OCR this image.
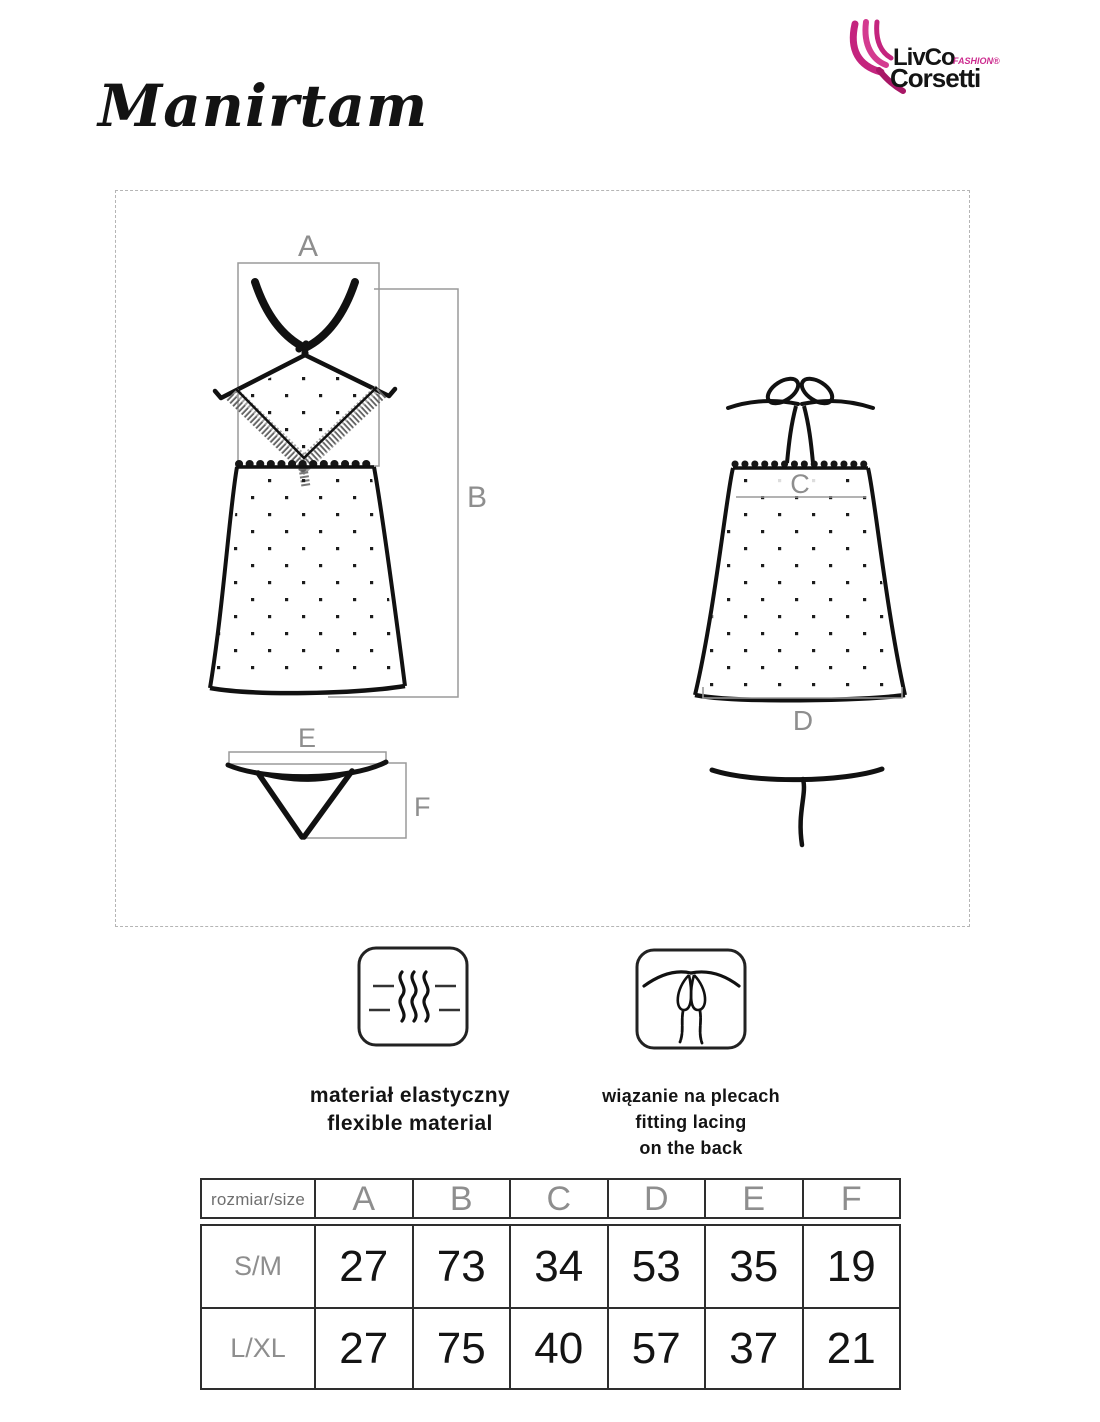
Manirtam
LivCo
FASHION®
Corsetti
A
B	C
D
E
F
materiał elastyczny
flexible material
wiązanie na plecach
fitting lacing
on the back
rozmiar/size	A	B	C	D	E	F
S/M	27	73	34	53	35	19
L/XL	27	75	40	57	37	21
